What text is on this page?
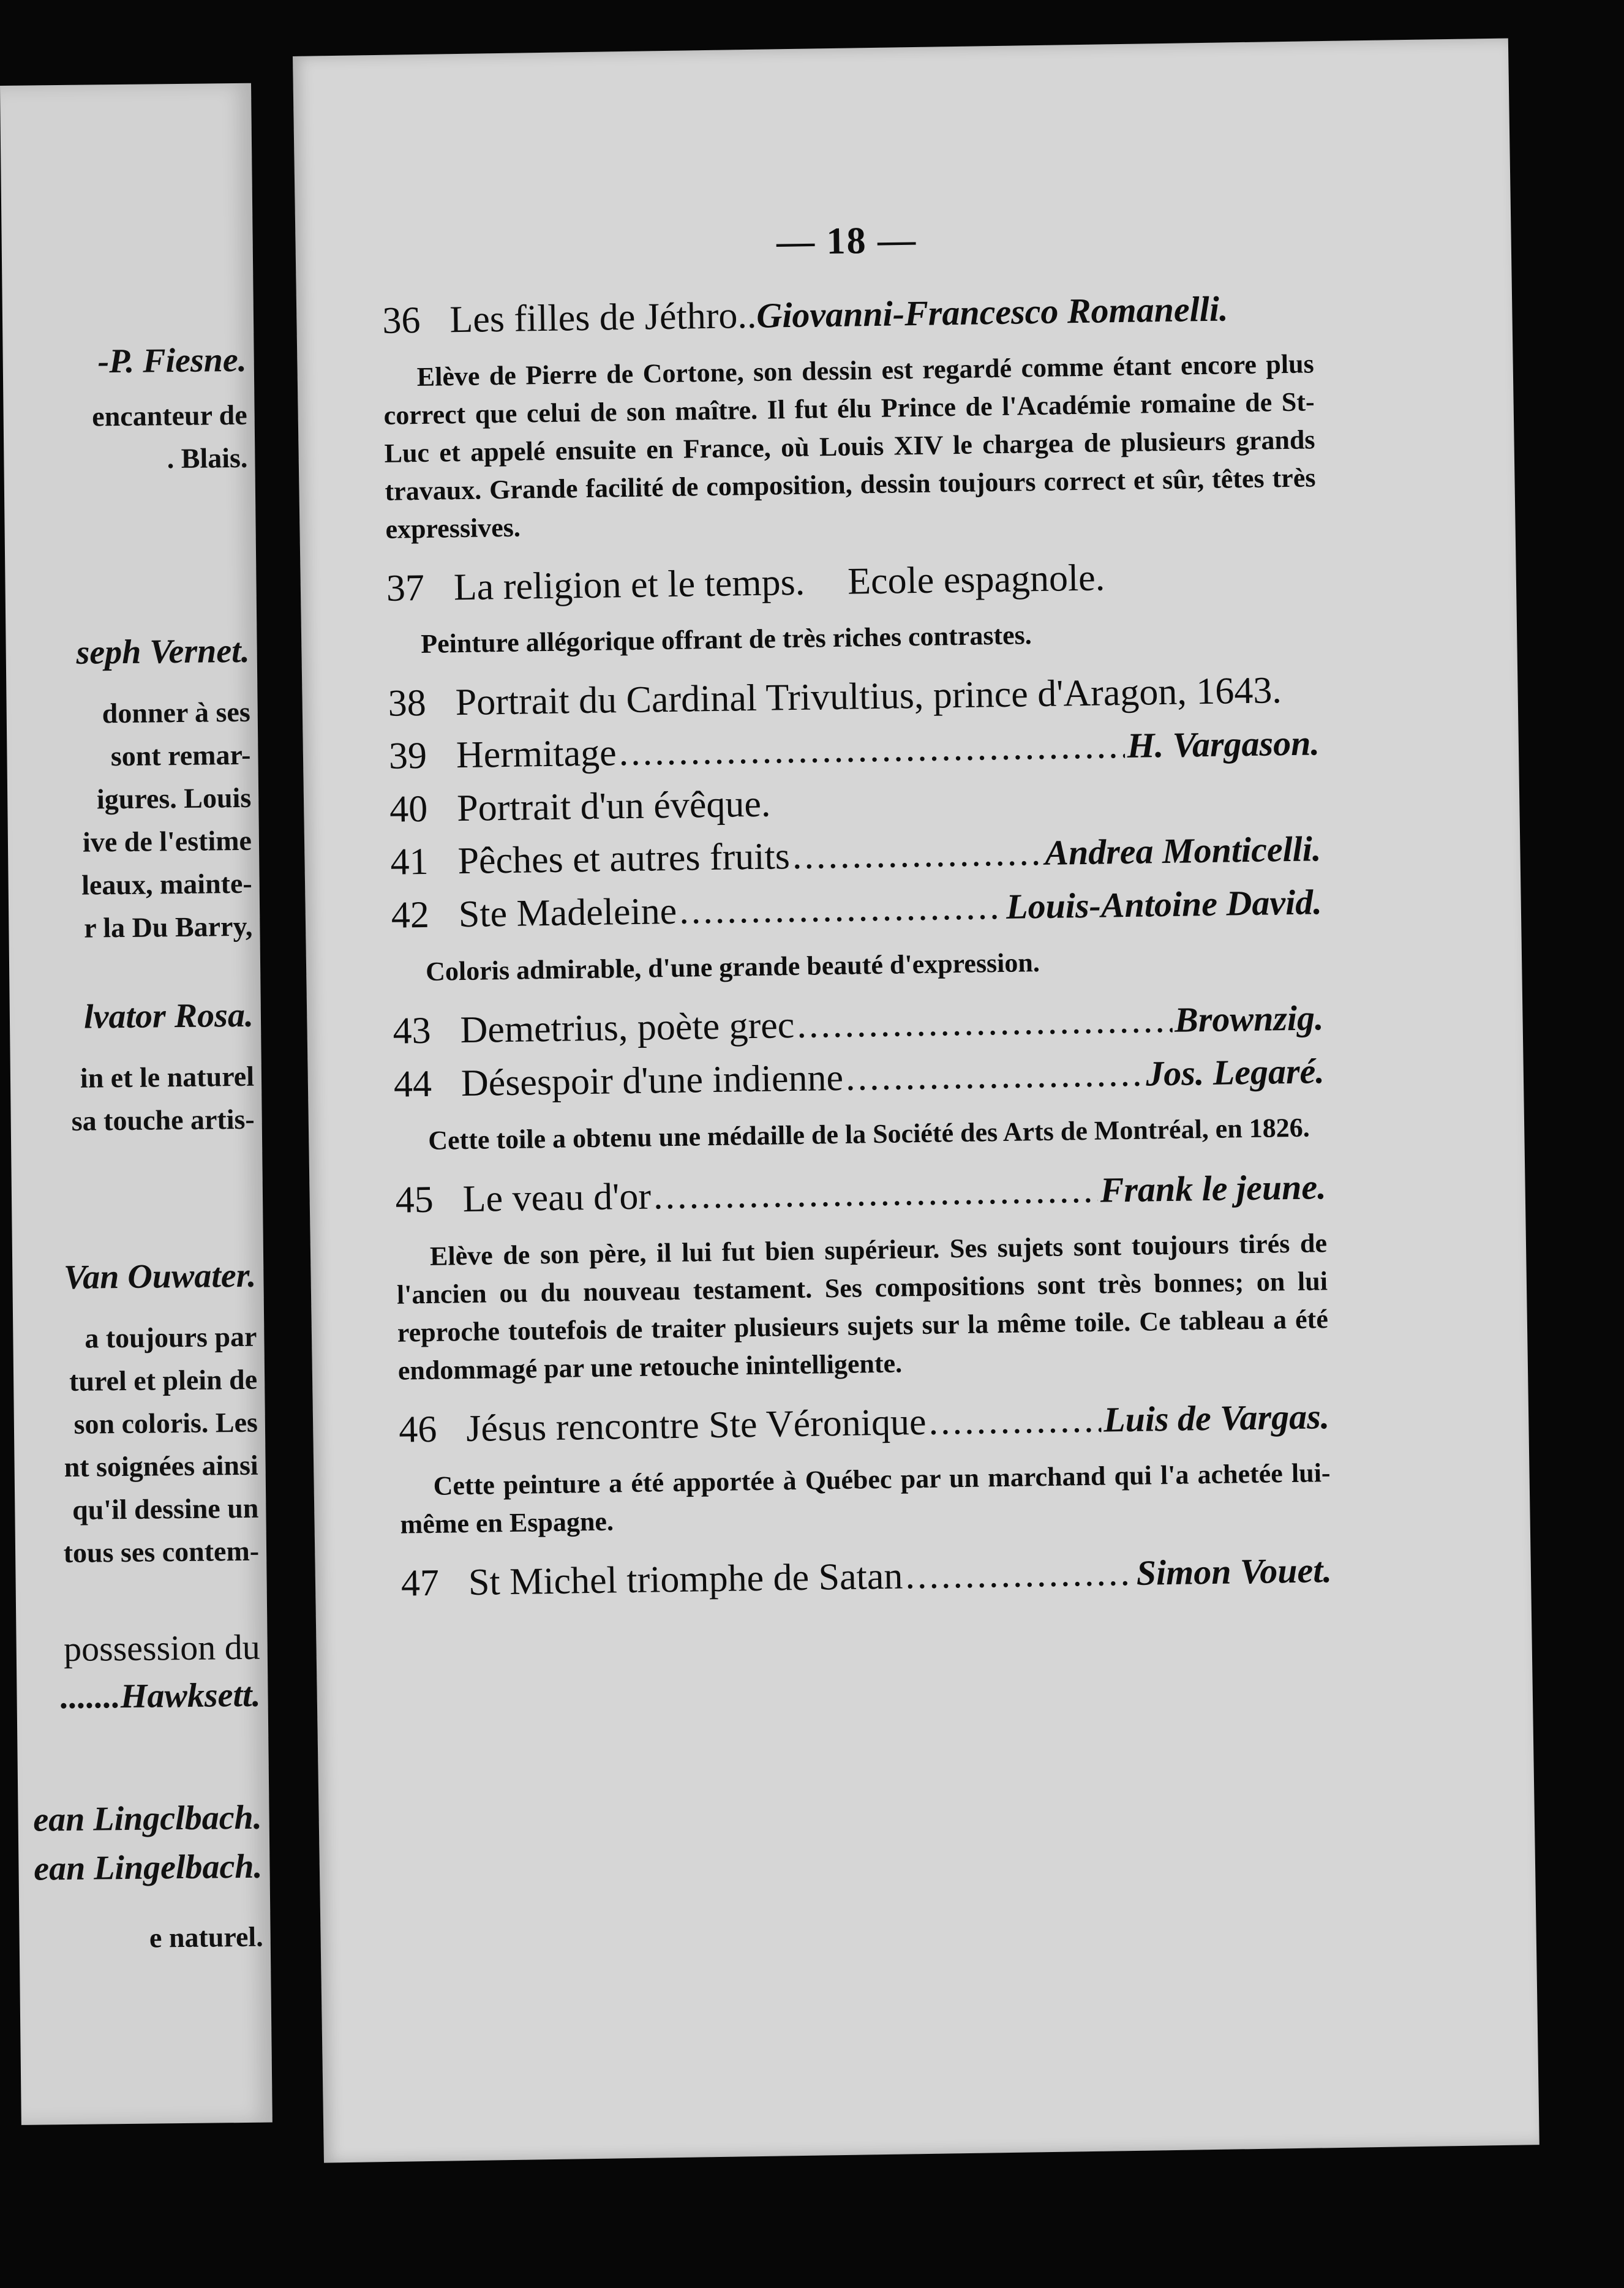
-P. Fiesne.
encanteur de
. Blais.
seph Vernet.
donner à ses
sont remar-
igures. Louis
ive de l'estime
leaux, mainte-
r la Du Barry,
lvator Rosa.
in et le naturel
sa touche artis-
Van Ouwater.
a toujours par
turel et plein de
son coloris. Les
nt soignées ainsi
qu'il dessine un
tous ses contem-
possession du
.......Hawksett.
ean Lingclbach.
ean Lingelbach.
e naturel.
— 18 —
36 Les filles de Jéthro.. Giovanni-Francesco Romanelli.
Elève de Pierre de Cortone, son dessin est regardé comme étant encore plus correct que celui de son maître. Il fut élu Prince de l'Académie romaine de St-Luc et appelé ensuite en France, où Louis XIV le chargea de plusieurs grands travaux. Grande facilité de composition, dessin toujours correct et sûr, têtes très expressives.
37 La religion et le temps. Ecole espagnole.
Peinture allégorique offrant de très riches contrastes.
38 Portrait du Cardinal Trivultius, prince d'Aragon, 1643.
39 Hermitage .....	H. Vargason.
40 Portrait d'un évêque.
41 Pêches et autres fruits .....	Andrea Monticelli.
42 Ste Madeleine .....	Louis-Antoine David.
Coloris admirable, d'une grande beauté d'expression.
43 Demetrius, poète grec .....	Brownzig.
44 Désespoir d'une indienne .....	Jos. Legaré.
Cette toile a obtenu une médaille de la Société des Arts de Montréal, en 1826.
45 Le veau d'or .....	Frank le jeune.
Elève de son père, il lui fut bien supérieur. Ses sujets sont toujours tirés de l'ancien ou du nouveau testament. Ses compositions sont très bonnes; on lui reproche toutefois de traiter plusieurs sujets sur la même toile. Ce tableau a été endommagé par une retouche inintelligente.
46 Jésus rencontre Ste Véronique .....	Luis de Vargas.
Cette peinture a été apportée à Québec par un marchand qui l'a achetée lui-même en Espagne.
47 St Michel triomphe de Satan .....	Simon Vouet.
